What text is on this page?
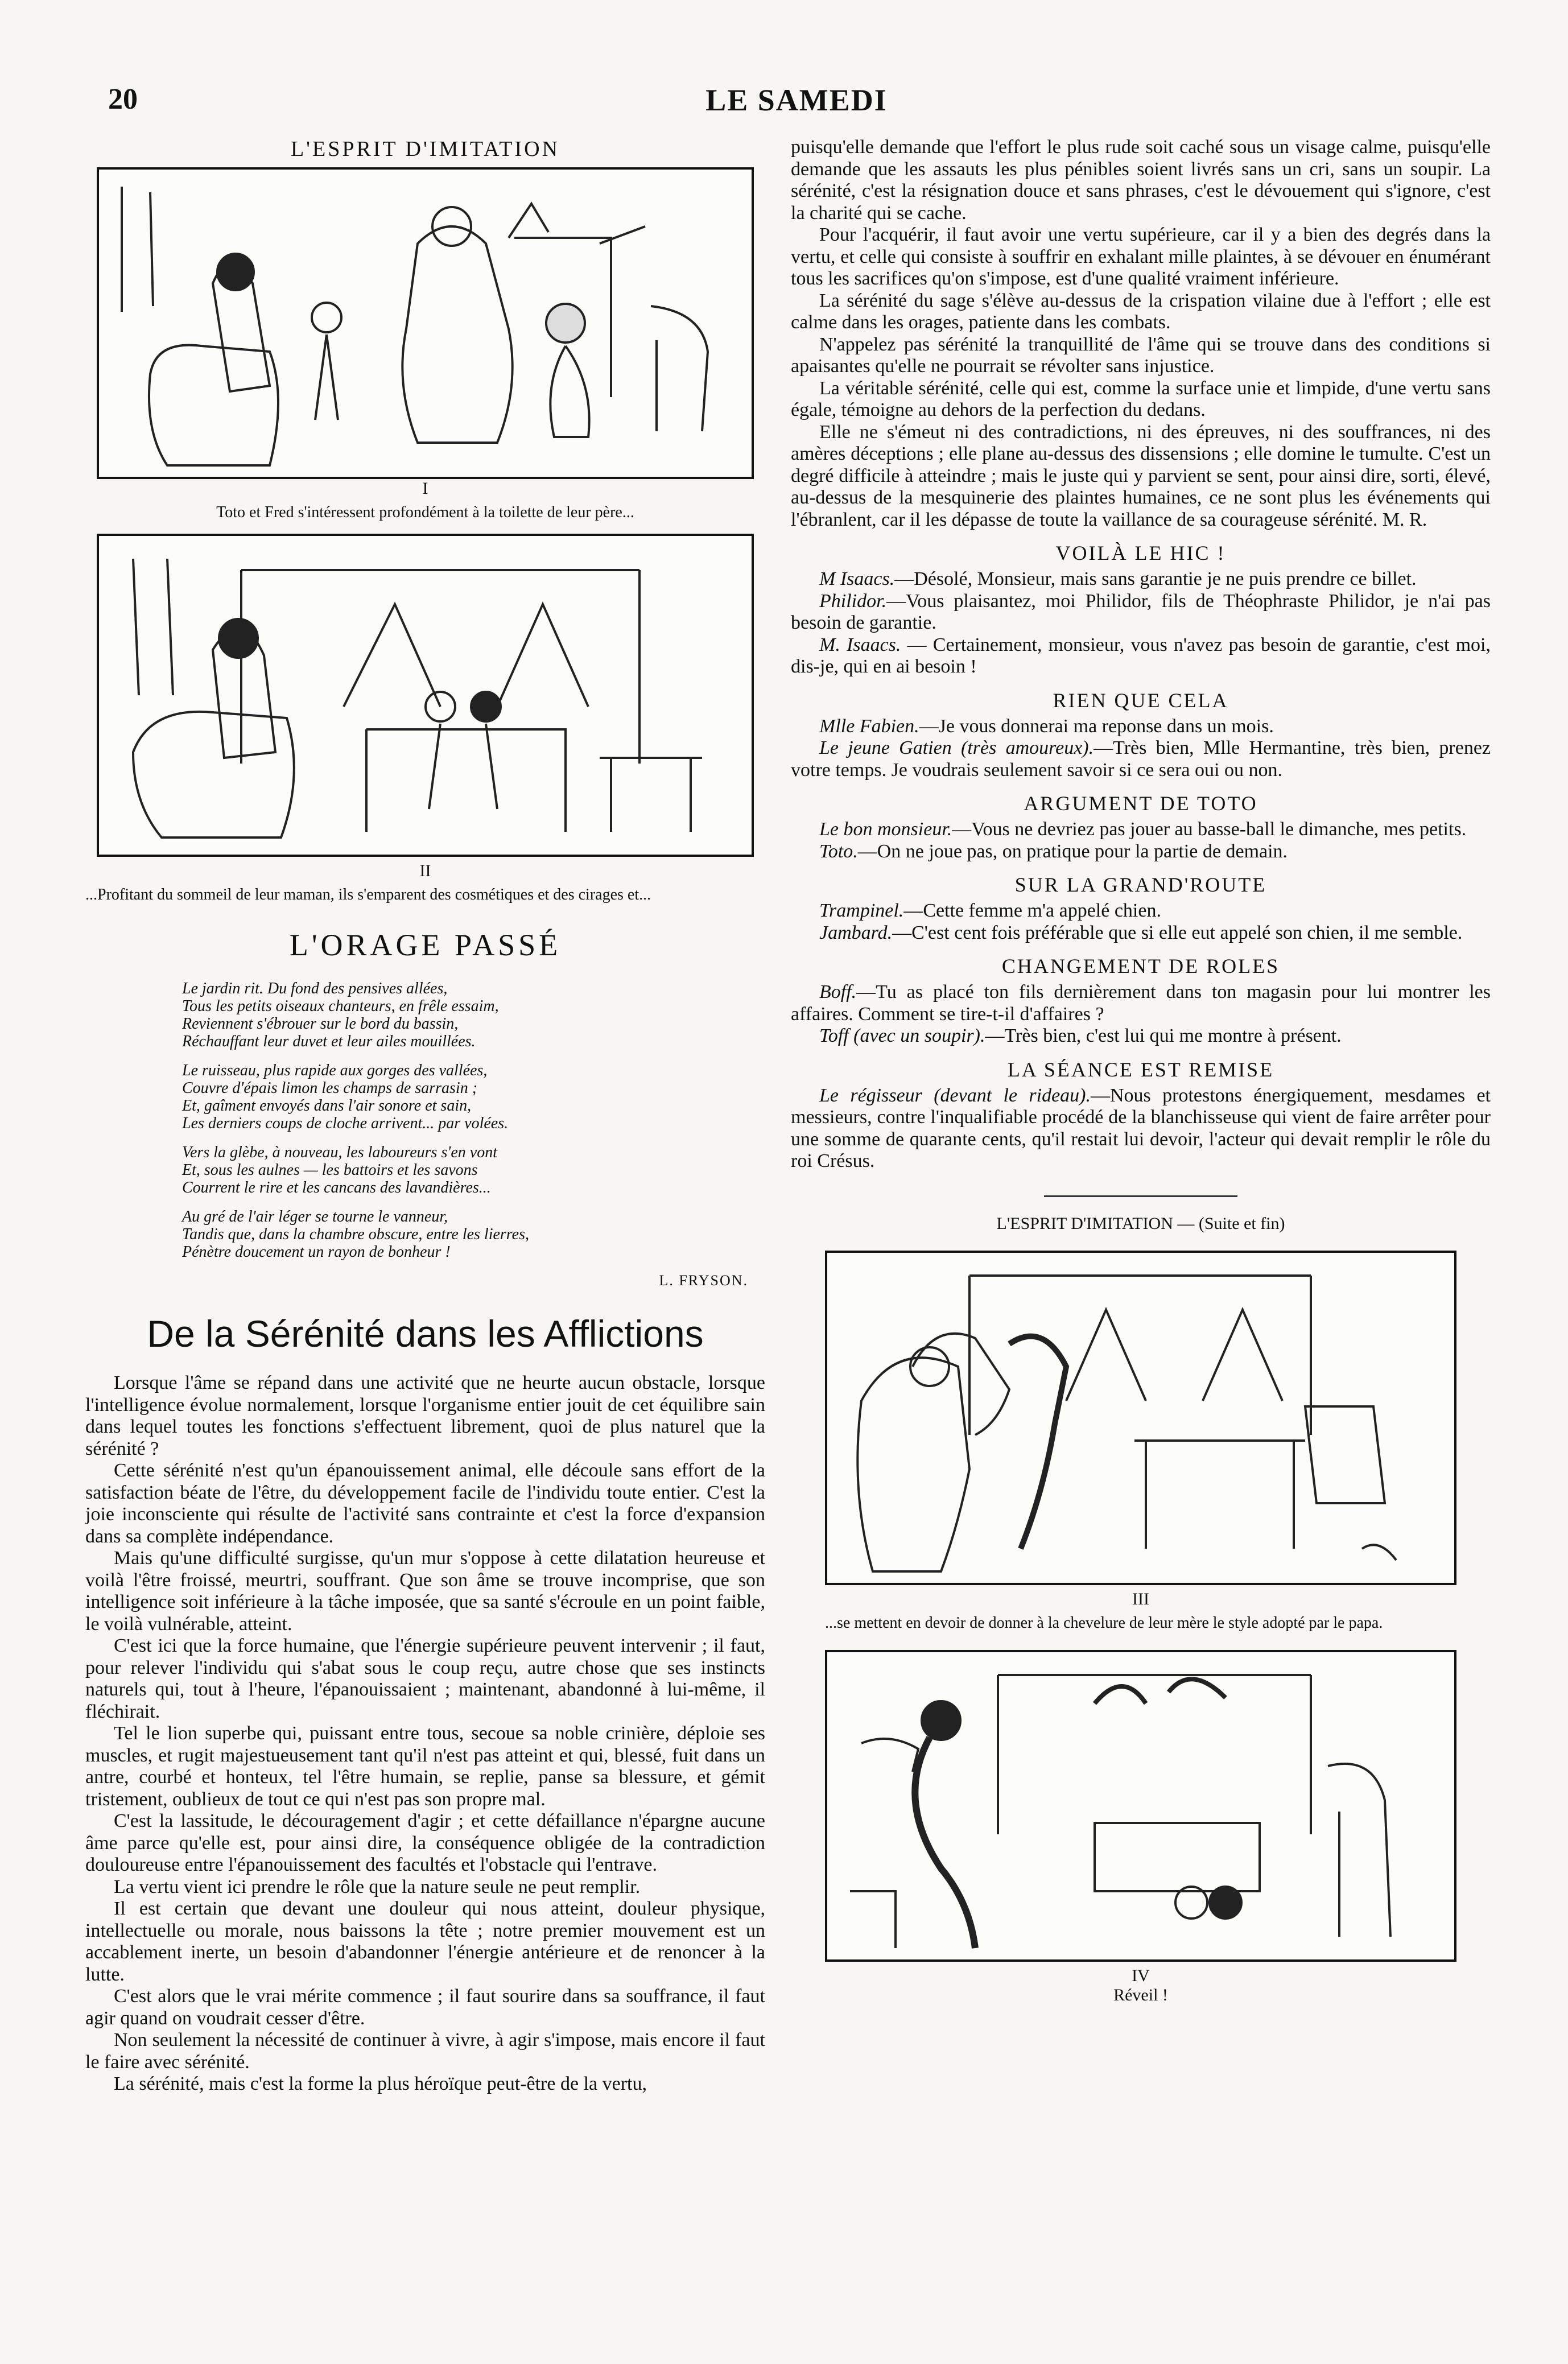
20	LE SAMEDI
L'ESPRIT D'IMITATION
I
Toto et Fred s'intéressent profondément à la toilette de leur père...
II
...Profitant du sommeil de leur maman, ils s'emparent des cosmétiques et des cirages et...
L'ORAGE PASSÉ
Le jardin rit. Du fond des pensives allées,
Tous les petits oiseaux chanteurs, en frêle essaim,
Reviennent s'ébrouer sur le bord du bassin,
Réchauffant leur duvet et leur ailes mouillées.
Le ruisseau, plus rapide aux gorges des vallées,
Couvre d'épais limon les champs de sarrasin ;
Et, gaîment envoyés dans l'air sonore et sain,
Les derniers coups de cloche arrivent... par volées.
Vers la glèbe, à nouveau, les laboureurs s'en vont
Et, sous les aulnes — les battoirs et les savons
Courrent le rire et les cancans des lavandières...
Au gré de l'air léger se tourne le vanneur,
Tandis que, dans la chambre obscure, entre les lierres,
Pénètre doucement un rayon de bonheur !
L. FRYSON.
De la Sérénité dans les Afflictions

Lorsque l'âme se répand dans une activité que ne heurte aucun obstacle, lorsque l'intelligence évolue normalement, lorsque l'organisme entier jouit de cet équilibre sain dans lequel toutes les fonctions s'effectuent librement, quoi de plus naturel que la sérénité ?

Cette sérénité n'est qu'un épanouissement animal, elle découle sans effort de la satisfaction béate de l'être, du développement facile de l'individu toute entier. C'est la joie inconsciente qui résulte de l'activité sans contrainte et c'est la force d'expansion dans sa complète indépendance.

Mais qu'une difficulté surgisse, qu'un mur s'oppose à cette dilatation heureuse et voilà l'être froissé, meurtri, souffrant. Que son âme se trouve incomprise, que son intelligence soit inférieure à la tâche imposée, que sa santé s'écroule en un point faible, le voilà vulnérable, atteint.

C'est ici que la force humaine, que l'énergie supérieure peuvent intervenir ; il faut, pour relever l'individu qui s'abat sous le coup reçu, autre chose que ses instincts naturels qui, tout à l'heure, l'épanouissaient ; maintenant, abandonné à lui-même, il fléchirait.

Tel le lion superbe qui, puissant entre tous, secoue sa noble crinière, déploie ses muscles, et rugit majestueusement tant qu'il n'est pas atteint et qui, blessé, fuit dans un antre, courbé et honteux, tel l'être humain, se replie, panse sa blessure, et gémit tristement, oublieux de tout ce qui n'est pas son propre mal.

C'est la lassitude, le découragement d'agir ; et cette défaillance n'épargne aucune âme parce qu'elle est, pour ainsi dire, la conséquence obligée de la contradiction douloureuse entre l'épanouissement des facultés et l'obstacle qui l'entrave.

La vertu vient ici prendre le rôle que la nature seule ne peut remplir.

Il est certain que devant une douleur qui nous atteint, douleur physique, intellectuelle ou morale, nous baissons la tête ; notre premier mouvement est un accablement inerte, un besoin d'abandonner l'énergie antérieure et de renoncer à la lutte.

C'est alors que le vrai mérite commence ; il faut sourire dans sa souffrance, il faut agir quand on voudrait cesser d'être.

Non seulement la nécessité de continuer à vivre, à agir s'impose, mais encore il faut le faire avec sérénité.

La sérénité, mais c'est la forme la plus héroïque peut-être de la vertu,

puisqu'elle demande que l'effort le plus rude soit caché sous un visage calme, puisqu'elle demande que les assauts les plus pénibles soient livrés sans un cri, sans un soupir. La sérénité, c'est la résignation douce et sans phrases, c'est le dévouement qui s'ignore, c'est la charité qui se cache.

Pour l'acquérir, il faut avoir une vertu supérieure, car il y a bien des degrés dans la vertu, et celle qui consiste à souffrir en exhalant mille plaintes, à se dévouer en énumérant tous les sacrifices qu'on s'impose, est d'une qualité vraiment inférieure.

La sérénité du sage s'élève au-dessus de la crispation vilaine due à l'effort ; elle est calme dans les orages, patiente dans les combats.

N'appelez pas sérénité la tranquillité de l'âme qui se trouve dans des conditions si apaisantes qu'elle ne pourrait se révolter sans injustice.

La véritable sérénité, celle qui est, comme la surface unie et limpide, d'une vertu sans égale, témoigne au dehors de la perfection du dedans.

Elle ne s'émeut ni des contradictions, ni des épreuves, ni des souffrances, ni des amères déceptions ; elle plane au-dessus des dissensions ; elle domine le tumulte. C'est un degré difficile à atteindre ; mais le juste qui y parvient se sent, pour ainsi dire, sorti, élevé, au-dessus de la mesquinerie des plaintes humaines, ce ne sont plus les événements qui l'ébranlent, car il les dépasse de toute la vaillance de sa courageuse sérénité. M. R.

VOILÀ LE HIC !

M Isaacs.—Désolé, Monsieur, mais sans garantie je ne puis prendre ce billet.

Philidor.—Vous plaisantez, moi Philidor, fils de Théophraste Philidor, je n'ai pas besoin de garantie.

M. Isaacs. — Certainement, monsieur, vous n'avez pas besoin de garantie, c'est moi, dis-je, qui en ai besoin !

RIEN QUE CELA

Mlle Fabien.—Je vous donnerai ma reponse dans un mois.

Le jeune Gatien (très amoureux).—Très bien, Mlle Hermantine, très bien, prenez votre temps. Je voudrais seulement savoir si ce sera oui ou non.

ARGUMENT DE TOTO

Le bon monsieur.—Vous ne devriez pas jouer au basse-ball le dimanche, mes petits.

Toto.—On ne joue pas, on pratique pour la partie de demain.

SUR LA GRAND'ROUTE

Trampinel.—Cette femme m'a appelé chien.

Jambard.—C'est cent fois préférable que si elle eut appelé son chien, il me semble.

CHANGEMENT DE ROLES

Boff.—Tu as placé ton fils dernièrement dans ton magasin pour lui montrer les affaires. Comment se tire-t-il d'affaires ?

Toff (avec un soupir).—Très bien, c'est lui qui me montre à présent.

LA SÉANCE EST REMISE

Le régisseur (devant le rideau).—Nous protestons énergiquement, mesdames et messieurs, contre l'inqualifiable procédé de la blanchisseuse qui vient de faire arrêter pour une somme de quarante cents, qu'il restait lui devoir, l'acteur qui devait remplir le rôle du roi Crésus.

L'ESPRIT D'IMITATION — (Suite et fin)
III
...se mettent en devoir de donner à la chevelure de leur mère le style adopté par le papa.
IV
Réveil !
